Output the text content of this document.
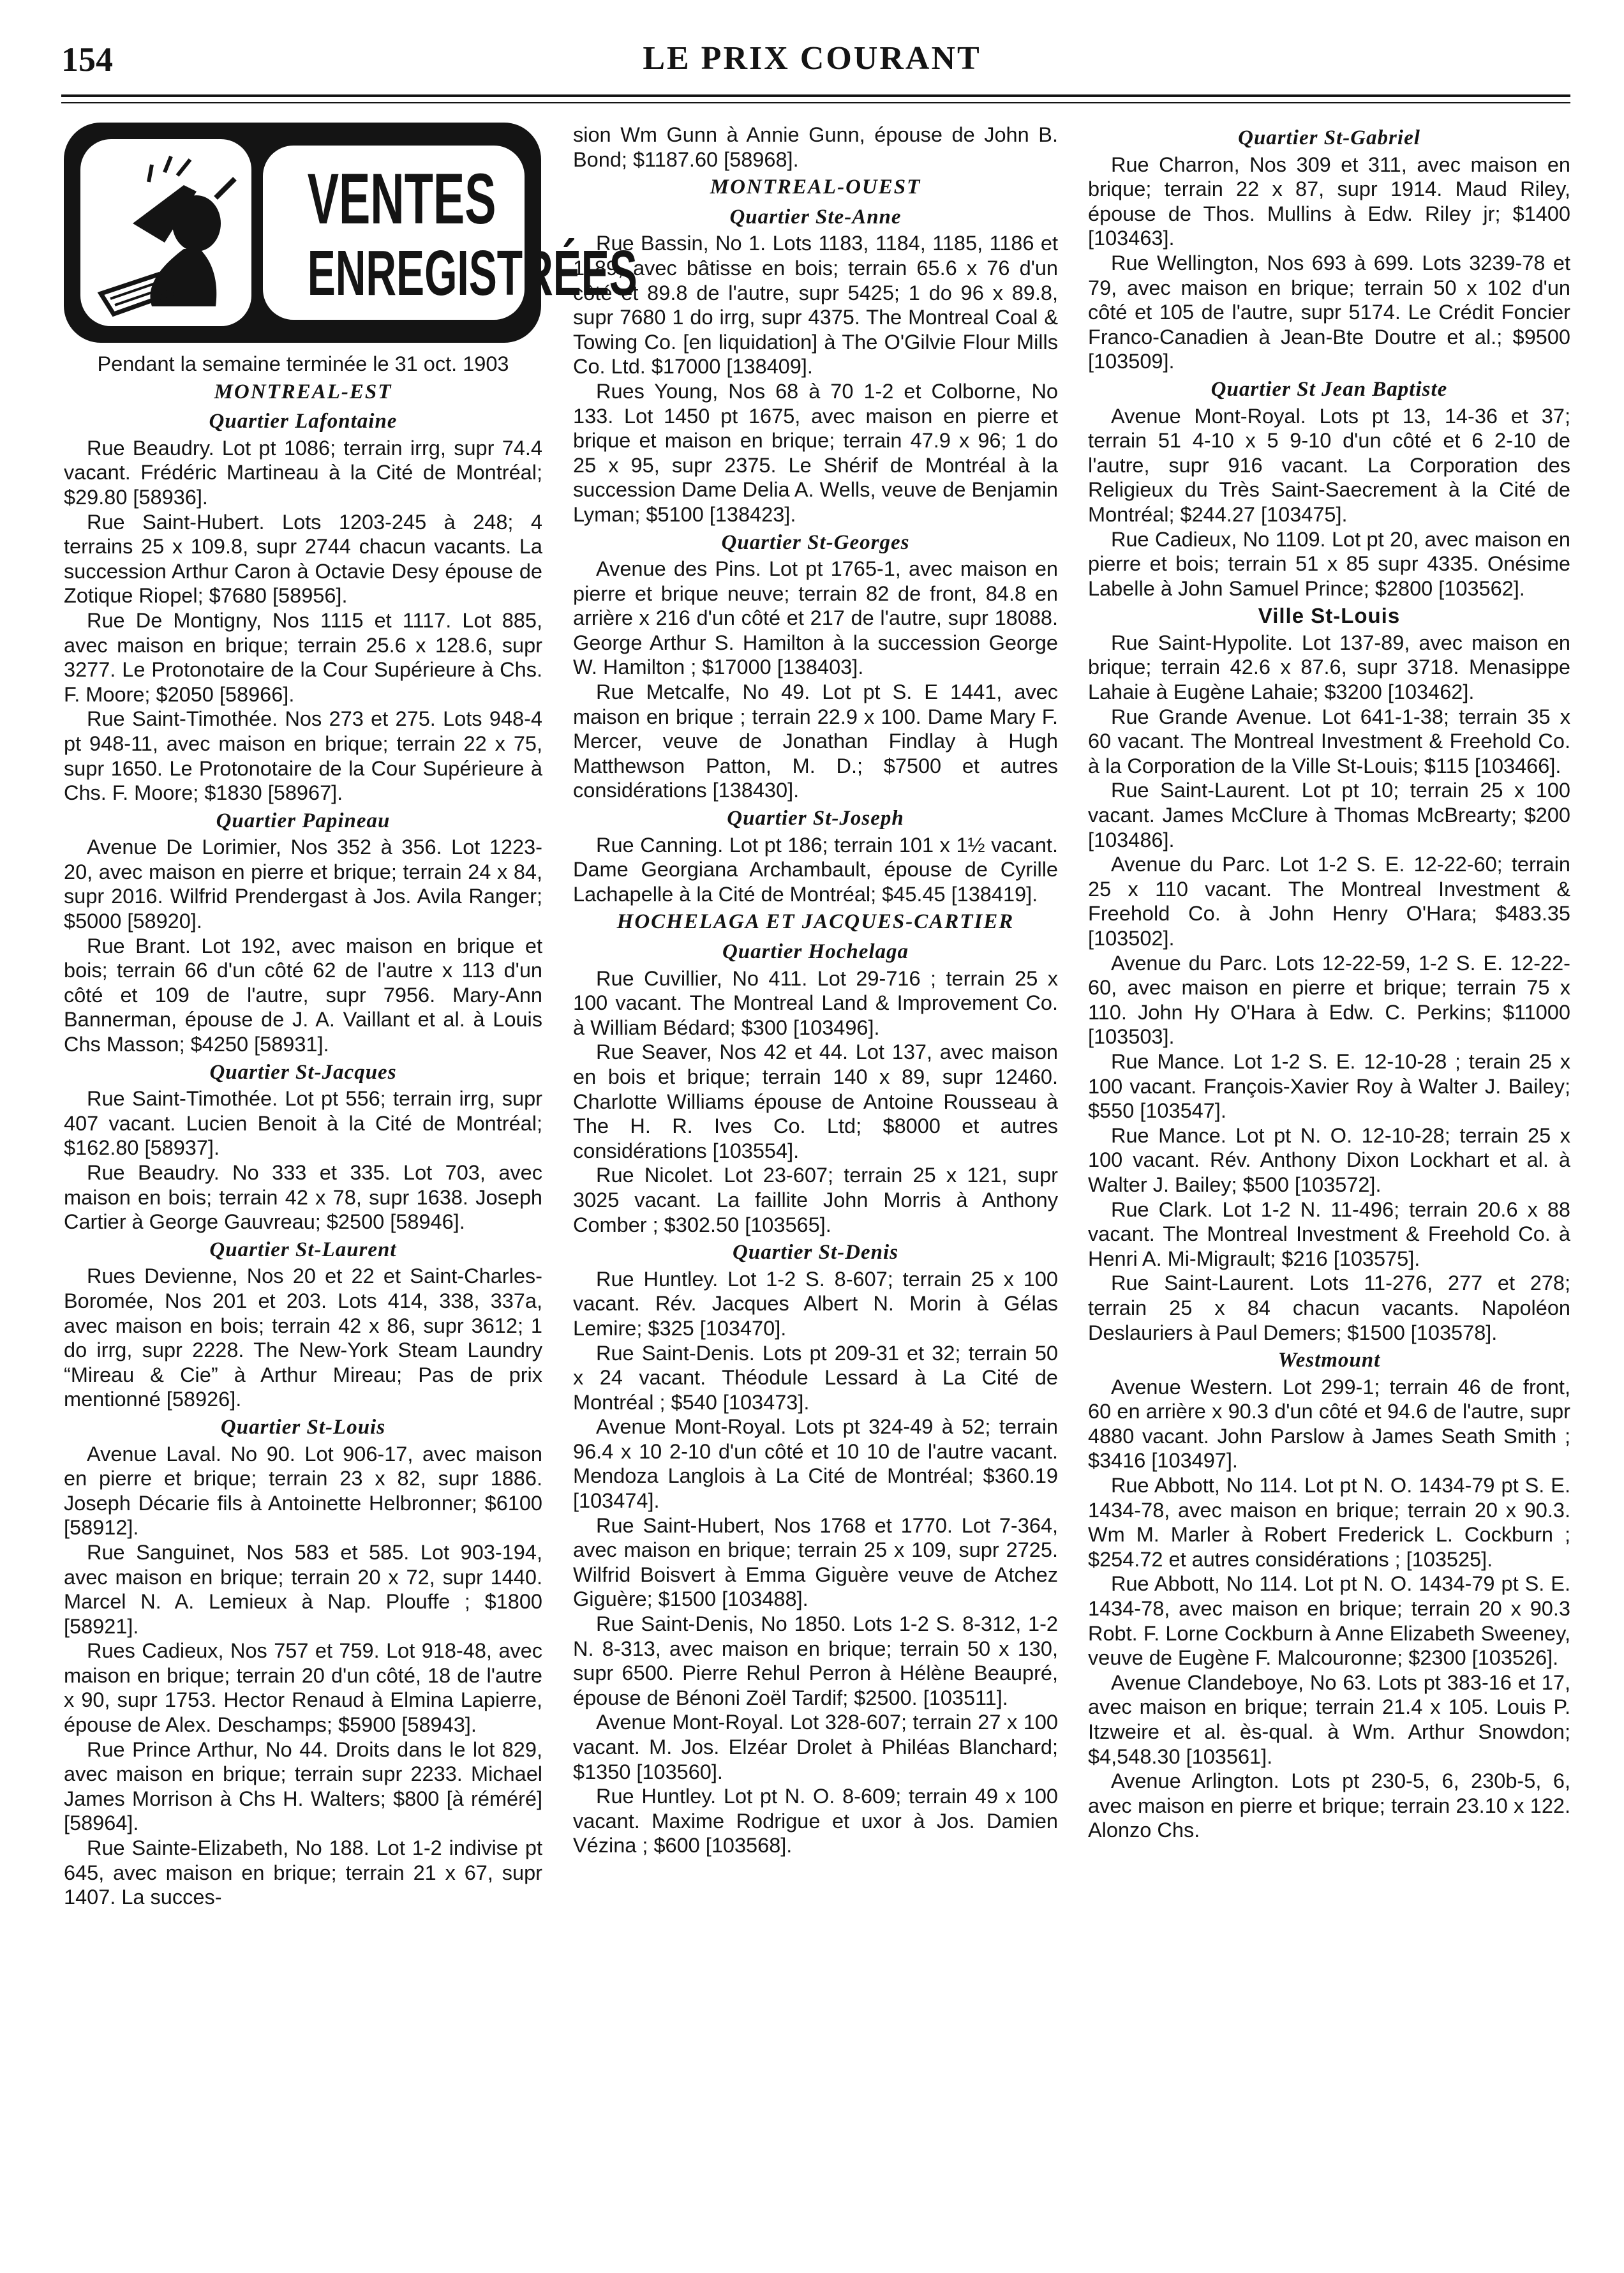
154	LE PRIX COURANT
VENTES
ENREGISTRÉES

Pendant la semaine terminée le 31 oct. 1903

MONTREAL-EST
Quartier Lafontaine

Rue Beaudry. Lot pt 1086; terrain irrg, supr 74.4 vacant. Frédéric Martineau à la Cité de Montréal; $29.80 [58936].

Rue Saint-Hubert. Lots 1203-245 à 248; 4 terrains 25 x 109.8, supr 2744 chacun vacants. La succession Arthur Caron à Octavie Desy épouse de Zotique Riopel; $7680 [58956].

Rue De Montigny, Nos 1115 et 1117. Lot 885, avec maison en brique; terrain 25.6 x 128.6, supr 3277. Le Protonotaire de la Cour Supérieure à Chs. F. Moore; $2050 [58966].

Rue Saint-Timothée. Nos 273 et 275. Lots 948-4 pt 948-11, avec maison en brique; terrain 22 x 75, supr 1650. Le Protonotaire de la Cour Supérieure à Chs. F. Moore; $1830 [58967].

Quartier Papineau

Avenue De Lorimier, Nos 352 à 356. Lot 1223-20, avec maison en pierre et brique; terrain 24 x 84, supr 2016. Wilfrid Prendergast à Jos. Avila Ranger; $5000 [58920].

Rue Brant. Lot 192, avec maison en brique et bois; terrain 66 d'un côté 62 de l'autre x 113 d'un côté et 109 de l'autre, supr 7956. Mary-Ann Bannerman, épouse de J. A. Vaillant et al. à Louis Chs Masson; $4250 [58931].

Quartier St-Jacques

Rue Saint-Timothée. Lot pt 556; terrain irrg, supr 407 vacant. Lucien Benoit à la Cité de Montréal; $162.80 [58937].

Rue Beaudry. No 333 et 335. Lot 703, avec maison en bois; terrain 42 x 78, supr 1638. Joseph Cartier à George Gauvreau; $2500 [58946].

Quartier St-Laurent

Rues Devienne, Nos 20 et 22 et Saint-Charles-Boromée, Nos 201 et 203. Lots 414, 338, 337a, avec maison en bois; terrain 42 x 86, supr 3612; 1 do irrg, supr 2228. The New-York Steam Laundry “Mireau & Cie” à Arthur Mireau; Pas de prix mentionné [58926].

Quartier St-Louis

Avenue Laval. No 90. Lot 906-17, avec maison en pierre et brique; terrain 23 x 82, supr 1886. Joseph Décarie fils à Antoinette Helbronner; $6100 [58912].

Rue Sanguinet, Nos 583 et 585. Lot 903-194, avec maison en brique; terrain 20 x 72, supr 1440. Marcel N. A. Lemieux à Nap. Plouffe ; $1800 [58921].

Rues Cadieux, Nos 757 et 759. Lot 918-48, avec maison en brique; terrain 20 d'un côté, 18 de l'autre x 90, supr 1753. Hector Renaud à Elmina Lapierre, épouse de Alex. Deschamps; $5900 [58943].

Rue Prince Arthur, No 44. Droits dans le lot 829, avec maison en brique; terrain supr 2233. Michael James Morrison à Chs H. Walters; $800 [à réméré] [58964].

Rue Sainte-Elizabeth, No 188. Lot 1-2 indivise pt 645, avec maison en brique; terrain 21 x 67, supr 1407. La succes-

sion Wm Gunn à Annie Gunn, épouse de John B. Bond; $1187.60 [58968].

MONTREAL-OUEST
Quartier Ste-Anne

Rue Bassin, No 1. Lots 1183, 1184, 1185, 1186 et 1189, avec bâtisse en bois; terrain 65.6 x 76 d'un côté et 89.8 de l'autre, supr 5425; 1 do 96 x 89.8, supr 7680 1 do irrg, supr 4375. The Montreal Coal & Towing Co. [en liquidation] à The O'Gilvie Flour Mills Co. Ltd. $17000 [138409].

Rues Young, Nos 68 à 70 1-2 et Colborne, No 133. Lot 1450 pt 1675, avec maison en pierre et brique et maison en brique; terrain 47.9 x 96; 1 do 25 x 95, supr 2375. Le Shérif de Montréal à la succession Dame Delia A. Wells, veuve de Benjamin Lyman; $5100 [138423].

Quartier St-Georges

Avenue des Pins. Lot pt 1765-1, avec maison en pierre et brique neuve; terrain 82 de front, 84.8 en arrière x 216 d'un côté et 217 de l'autre, supr 18088. George Arthur S. Hamilton à la succession George W. Hamilton ; $17000 [138403].

Rue Metcalfe, No 49. Lot pt S. E 1441, avec maison en brique ; terrain 22.9 x 100. Dame Mary F. Mercer, veuve de Jonathan Findlay à Hugh Matthewson Patton, M. D.; $7500 et autres considérations [138430].

Quartier St-Joseph

Rue Canning. Lot pt 186; terrain 101 x 1½ vacant. Dame Georgiana Archambault, épouse de Cyrille Lachapelle à la Cité de Montréal; $45.45 [138419].

HOCHELAGA ET JACQUES-CARTIER
Quartier Hochelaga

Rue Cuvillier, No 411. Lot 29-716 ; terrain 25 x 100 vacant. The Montreal Land & Improvement Co. à William Bédard; $300 [103496].

Rue Seaver, Nos 42 et 44. Lot 137, avec maison en bois et brique; terrain 140 x 89, supr 12460. Charlotte Williams épouse de Antoine Rousseau à The H. R. Ives Co. Ltd; $8000 et autres considérations [103554].

Rue Nicolet. Lot 23-607; terrain 25 x 121, supr 3025 vacant. La faillite John Morris à Anthony Comber ; $302.50 [103565].

Quartier St-Denis

Rue Huntley. Lot 1-2 S. 8-607; terrain 25 x 100 vacant. Rév. Jacques Albert N. Morin à Gélas Lemire; $325 [103470].

Rue Saint-Denis. Lots pt 209-31 et 32; terrain 50 x 24 vacant. Théodule Lessard à La Cité de Montréal ; $540 [103473].

Avenue Mont-Royal. Lots pt 324-49 à 52; terrain 96.4 x 10 2-10 d'un côté et 10 10 de l'autre vacant. Mendoza Langlois à La Cité de Montréal; $360.19 [103474].

Rue Saint-Hubert, Nos 1768 et 1770. Lot 7-364, avec maison en brique; terrain 25 x 109, supr 2725. Wilfrid Boisvert à Emma Giguère veuve de Atchez Giguère; $1500 [103488].

Rue Saint-Denis, No 1850. Lots 1-2 S. 8-312, 1-2 N. 8-313, avec maison en brique; terrain 50 x 130, supr 6500. Pierre Rehul Perron à Hélène Beaupré, épouse de Bénoni Zoël Tardif; $2500. [103511].

Avenue Mont-Royal. Lot 328-607; terrain 27 x 100 vacant. M. Jos. Elzéar Drolet à Philéas Blanchard; $1350 [103560].

Rue Huntley. Lot pt N. O. 8-609; terrain 49 x 100 vacant. Maxime Rodrigue et uxor à Jos. Damien Vézina ; $600 [103568].

Quartier St-Gabriel

Rue Charron, Nos 309 et 311, avec maison en brique; terrain 22 x 87, supr 1914. Maud Riley, épouse de Thos. Mullins à Edw. Riley jr; $1400 [103463].

Rue Wellington, Nos 693 à 699. Lots 3239-78 et 79, avec maison en brique; terrain 50 x 102 d'un côté et 105 de l'autre, supr 5174. Le Crédit Foncier Franco-Canadien à Jean-Bte Doutre et al.; $9500 [103509].

Quartier St Jean Baptiste

Avenue Mont-Royal. Lots pt 13, 14-36 et 37; terrain 51 4-10 x 5 9-10 d'un côté et 6 2-10 de l'autre, supr 916 vacant. La Corporation des Religieux du Très Saint-Saecrement à la Cité de Montréal; $244.27 [103475].

Rue Cadieux, No 1109. Lot pt 20, avec maison en pierre et bois; terrain 51 x 85 supr 4335. Onésime Labelle à John Samuel Prince; $2800 [103562].

Ville St-Louis

Rue Saint-Hypolite. Lot 137-89, avec maison en brique; terrain 42.6 x 87.6, supr 3718. Menasippe Lahaie à Eugène Lahaie; $3200 [103462].

Rue Grande Avenue. Lot 641-1-38; terrain 35 x 60 vacant. The Montreal Investment & Freehold Co. à la Corporation de la Ville St-Louis; $115 [103466].

Rue Saint-Laurent. Lot pt 10; terrain 25 x 100 vacant. James McClure à Thomas McBrearty; $200 [103486].

Avenue du Parc. Lot 1-2 S. E. 12-22-60; terrain 25 x 110 vacant. The Montreal Investment & Freehold Co. à John Henry O'Hara; $483.35 [103502].

Avenue du Parc. Lots 12-22-59, 1-2 S. E. 12-22-60, avec maison en pierre et brique; terrain 75 x 110. John Hy O'Hara à Edw. C. Perkins; $11000 [103503].

Rue Mance. Lot 1-2 S. E. 12-10-28 ; terain 25 x 100 vacant. François-Xavier Roy à Walter J. Bailey; $550 [103547].

Rue Mance. Lot pt N. O. 12-10-28; terrain 25 x 100 vacant. Rév. Anthony Dixon Lockhart et al. à Walter J. Bailey; $500 [103572].

Rue Clark. Lot 1-2 N. 11-496; terrain 20.6 x 88 vacant. The Montreal Investment & Freehold Co. à Henri A. Mi-Migrault; $216 [103575].

Rue Saint-Laurent. Lots 11-276, 277 et 278; terrain 25 x 84 chacun vacants. Napoléon Deslauriers à Paul Demers; $1500 [103578].

Westmount

Avenue Western. Lot 299-1; terrain 46 de front, 60 en arrière x 90.3 d'un côté et 94.6 de l'autre, supr 4880 vacant. John Parslow à James Seath Smith ; $3416 [103497].

Rue Abbott, No 114. Lot pt N. O. 1434-79 pt S. E. 1434-78, avec maison en brique; terrain 20 x 90.3. Wm M. Marler à Robert Frederick L. Cockburn ; $254.72 et autres considérations ; [103525].

Rue Abbott, No 114. Lot pt N. O. 1434-79 pt S. E. 1434-78, avec maison en brique; terrain 20 x 90.3 Robt. F. Lorne Cockburn à Anne Elizabeth Sweeney, veuve de Eugène F. Malcouronne; $2300 [103526].

Avenue Clandeboye, No 63. Lots pt 383-16 et 17, avec maison en brique; terrain 21.4 x 105. Louis P. Itzweire et al. ès-qual. à Wm. Arthur Snowdon; $4,548.30 [103561].

Avenue Arlington. Lots pt 230-5, 6, 230b-5, 6, avec maison en pierre et brique; terrain 23.10 x 122. Alonzo Chs.
